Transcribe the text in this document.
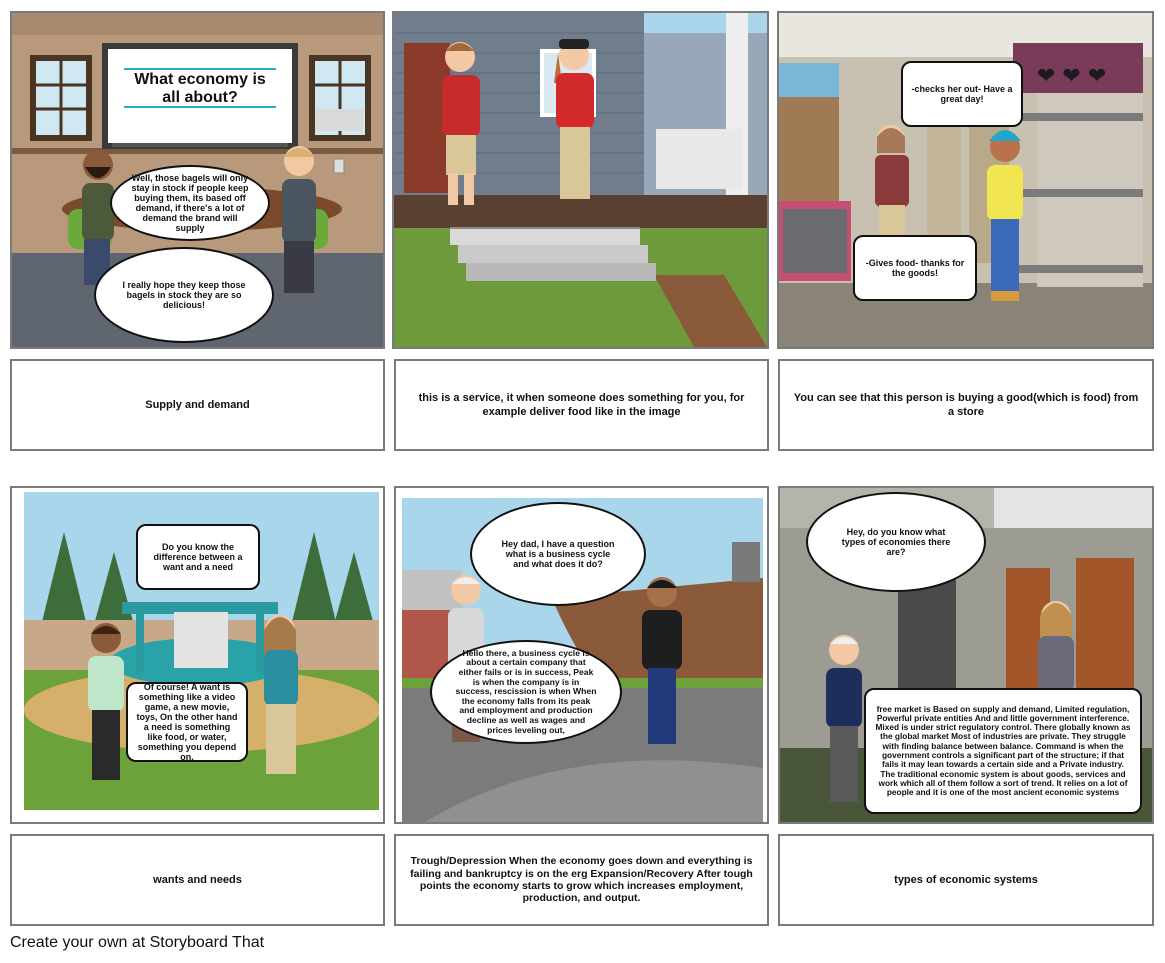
What economy is all about?
Well, those bagels will only stay in stock if people keep buying them, its based off demand, if there's a lot of demand the brand will supply
I really hope they keep those bagels in stock they are so delicious!
❤ ❤ ❤
-checks her out- Have a great day!
-Gives food- thanks for the goods!
Supply and demand
this is a service, it when someone does something for you, for example deliver food like in the image
You can see that this person is buying a good(which is food) from a store
Do you know the difference between a want and a need
Of course! A want is something like a video game, a new movie, toys, On the other hand a need is something like food, or water, something you depend on,
Hey dad, I have a question what is a business cycle and what does it do?
Hello there, a business cycle is about a certain company that either fails or is in success, Peak is when the company is in success, rescission is when When the economy falls from its peak and employment and production decline as well as wages and prices leveling out,
Hey, do you know what types of economies there are?
free market is Based on supply and demand, Limited regulation, Powerful private entities And and little government interference. Mixed is under strict regulatory control. There globally known as the global market Most of industries are private. They struggle with finding balance between balance. Command is when the government controls a significant part of the structure; if that fails it may lean towards a certain side and a Private industry. The traditional economic system is about goods, services and work which all of them follow a sort of trend. It relies on a lot of people and it is one of the most ancient economic systems
wants and needs
Trough/Depression When the economy goes down and everything is failing and bankruptcy is on the erg Expansion/Recovery After tough points the economy starts to grow which increases employment, production, and output.
types of economic systems
Create your own at Storyboard That
